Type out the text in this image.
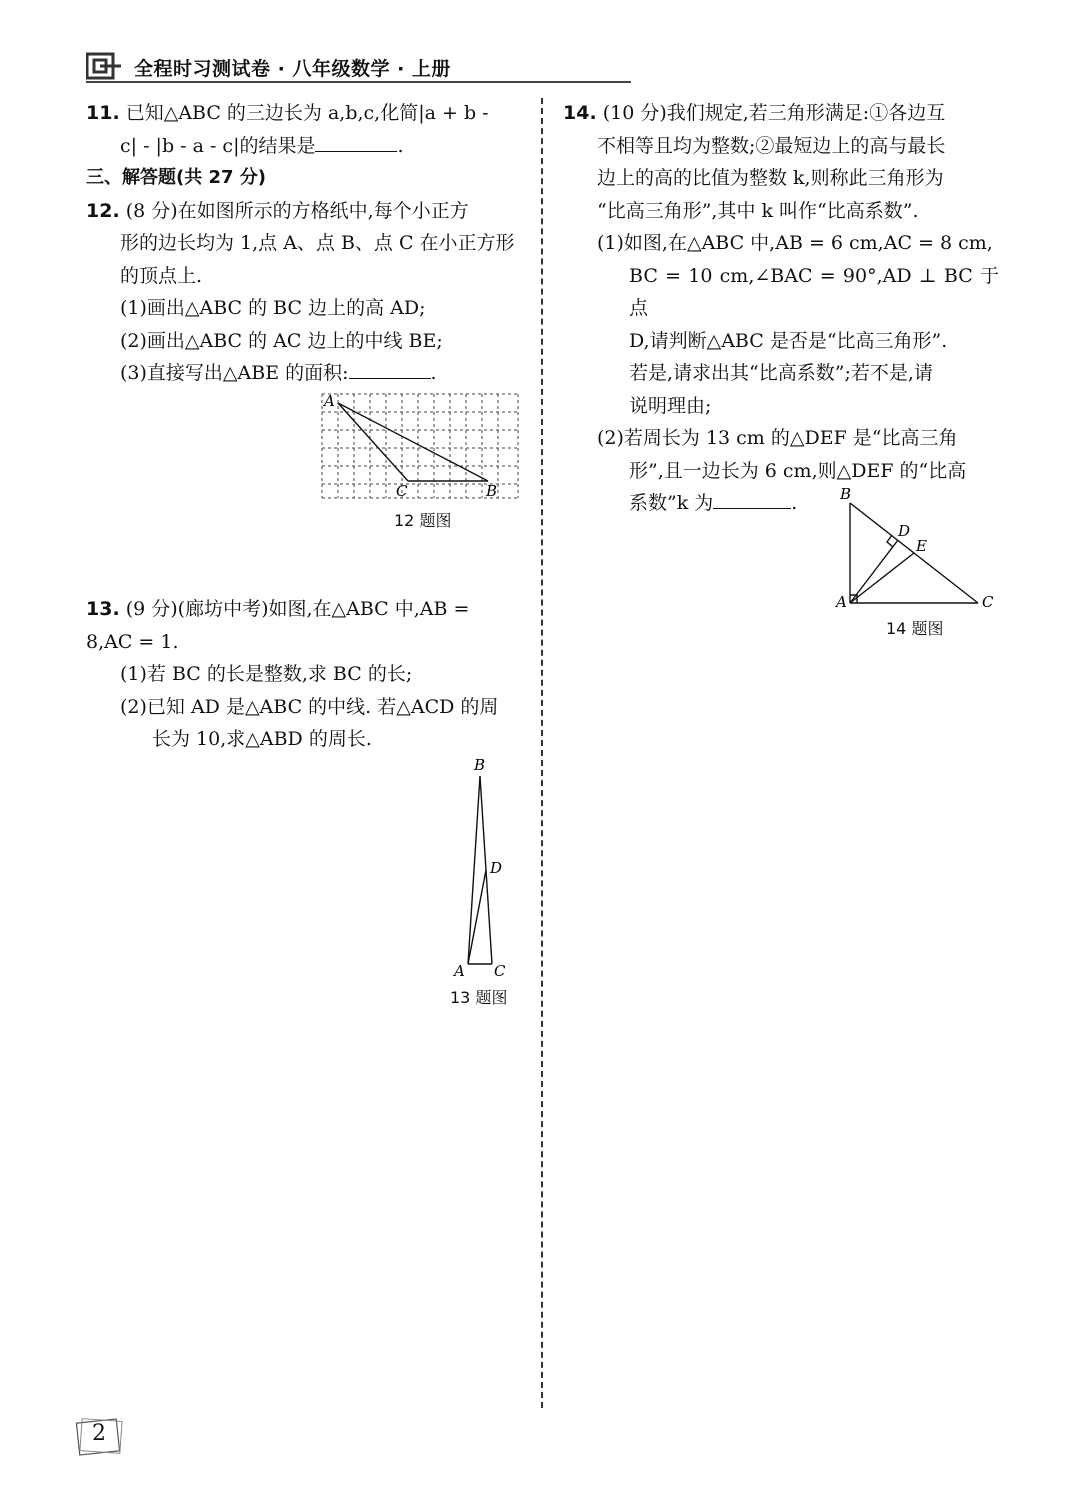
全程时习测试卷 · 八年级数学 · 上册

11. 已知△ABC 的三边长为 a,b,c,化简|a + b -

c| - |b - a - c|的结果是	.

三、解答题(共 27 分)

12. (8 分)在如图所示的方格纸中,每个小正方

形的边长均为 1,点 A、点 B、点 C 在小正方形

的顶点上.

(1)画出△ABC 的 BC 边上的高 AD;

(2)画出△ABC 的 AC 边上的中线 BE;

(3)直接写出△ABE 的面积:	.

A
C	B
12 题图

13. (9 分)(廊坊中考)如图,在△ABC 中,AB =

8,AC = 1.

(1)若 BC 的长是整数,求 BC 的长;

(2)已知 AD 是△ABC 的中线. 若△ACD 的周

长为 10,求△ABD 的周长.

B
D
A C
13 题图

14. (10 分)我们规定,若三角形满足:①各边互

不相等且均为整数;②最短边上的高与最长

边上的高的比值为整数 k,则称此三角形为

“比高三角形”,其中 k 叫作“比高系数”.

(1)如图,在△ABC 中,AB = 6 cm,AC = 8 cm,

BC = 10 cm,∠BAC = 90°,AD ⊥ BC 于点

D,请判断△ABC 是否是“比高三角形”.

若是,请求出其“比高系数”;若不是,请

说明理由;

(2)若周长为 13 cm 的△DEF 是“比高三角

形”,且一边长为 6 cm,则△DEF 的“比高

系数”k 为	.	B
D
E
A	C
14 题图
2
